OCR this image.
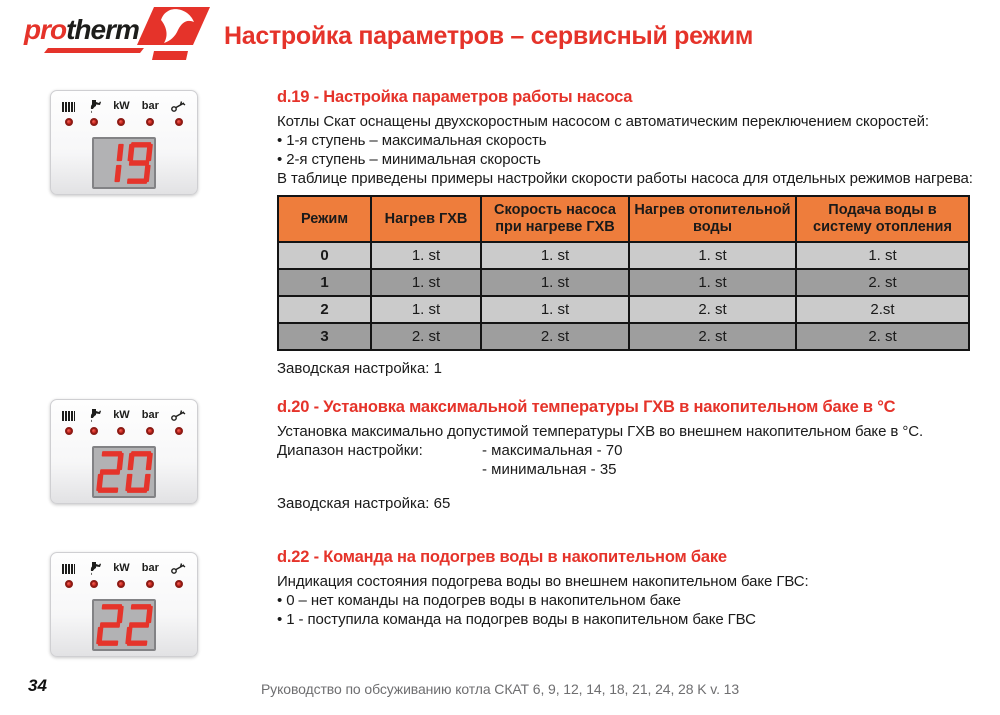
protherm	Настройка параметров – сервисный режим
kW bar
kW bar
kW bar
d.19 - Настройка параметров работы насоса
Котлы Скат оснащены двухскоростным насосом с автоматическим переключением скоростей:
• 1-я ступень – максимальная скорость
• 2-я ступень – минимальная скорость
В таблице приведены примеры настройки скорости работы насоса для отдельных режимов нагрева:
Режим	Нагрев ГХВ	Скорость насоса при нагреве ГХВ	Нагрев отопительной воды	Подача воды в систему отопления
0	1. st	1. st	1. st	1. st
1	1. st	1. st	1. st	2. st
2	1. st	1. st	2. st	2.st
3	2. st	2. st	2. st	2. st
Заводская настройка: 1
d.20 - Установка максимальной температуры ГХВ в накопительном баке в °С
Установка максимально допустимой температуры ГХВ во внешнем накопительном баке в °С.
Диапазон настройки:	- максимальная - 70
- минимальная - 35
Заводская настройка: 65
d.22 - Команда на подогрев воды в накопительном баке
Индикация состояния подогрева воды во внешнем накопительном баке ГВС:
• 0 – нет команды на подогрев воды в накопительном баке
• 1 - поступила команда на подогрев воды в накопительном баке ГВС
34	Руководство по обсуживанию котла СКАТ 6, 9, 12, 14, 18, 21, 24, 28 K v. 13
